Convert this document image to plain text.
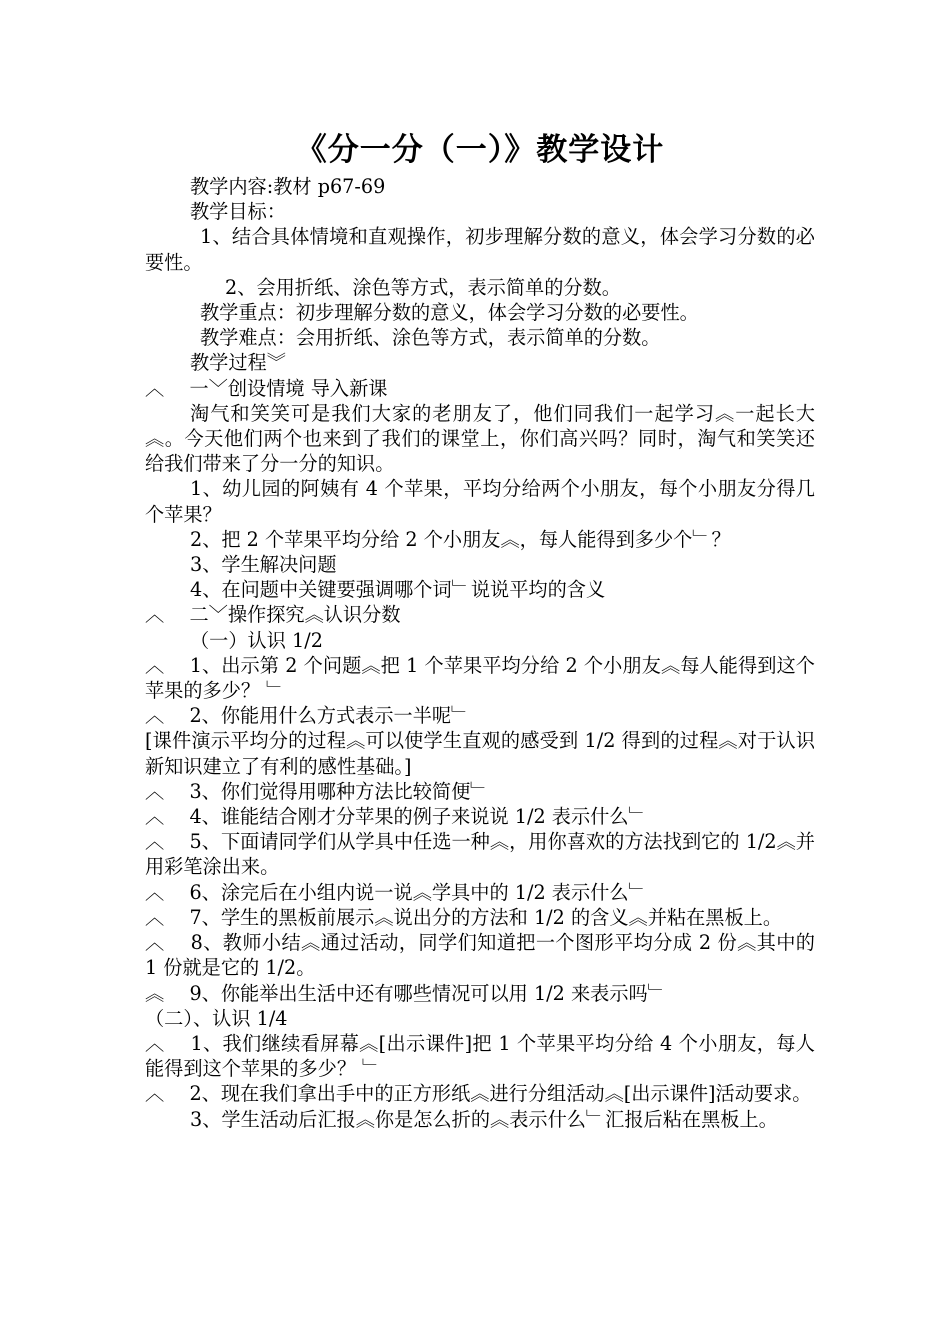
《分一分（一）》教学设计
教学内容:教材 p67-69
教学目标：
1、结合具体情境和直观操作，初步理解分数的意义，体会学习分数的必要性。
2、会用折纸、涂色等方式，表示简单的分数。
教学重点：初步理解分数的意义，体会学习分数的必要性。
教学难点：会用折纸、涂色等方式，表示简单的分数。
教学过程︾
︿　 一﹀创设情境 导入新课
淘气和笑笑可是我们大家的老朋友了，他们同我们一起学习︽一起长大︽。今天他们两个也来到了我们的课堂上，你们高兴吗？同时，淘气和笑笑还给我们带来了分一分的知识。
1、幼儿园的阿姨有 4 个苹果，平均分给两个小朋友，每个小朋友分得几个苹果？
2、把 2 个苹果平均分给 2 个小朋友︽，每人能得到多少个﹂？
3、学生解决问题
4、在问题中关键要强调哪个词﹂说说平均的含义
︿　 二﹀操作探究︽认识分数
（一）认识 1/2
︿　 1、出示第 2 个问题︽把 1 个苹果平均分给 2 个小朋友︽每人能得到这个苹果的多少？ ﹂
︿　 2、你能用什么方式表示一半呢﹂
[课件演示平均分的过程︽可以使学生直观的感受到 1/2 得到的过程︽对于认识新知识建立了有利的感性基础。]
︿　 3、你们觉得用哪种方法比较简便﹂
︿　 4、谁能结合刚才分苹果的例子来说说 1/2 表示什么﹂
︿　 5、下面请同学们从学具中任选一种︽，用你喜欢的方法找到它的 1/2︽并用彩笔涂出来。
︿　 6、涂完后在小组内说一说︽学具中的 1/2 表示什么﹂
︿　 7、学生的黑板前展示︽说出分的方法和 1/2 的含义︽并粘在黑板上。
︿　 8、教师小结︽通过活动，同学们知道把一个图形平均分成 2 份︽其中的 1 份就是它的 1/2。
︽　 9、你能举出生活中还有哪些情况可以用 1/2 来表示吗﹂
（二）、认识 1/4
︿　 1、我们继续看屏幕︽[出示课件]把 1 个苹果平均分给 4 个小朋友，每人能得到这个苹果的多少？ ﹂
︿　 2、现在我们拿出手中的正方形纸︽进行分组活动︽[出示课件]活动要求。
3、学生活动后汇报︽你是怎么折的︽表示什么﹂汇报后粘在黑板上。
